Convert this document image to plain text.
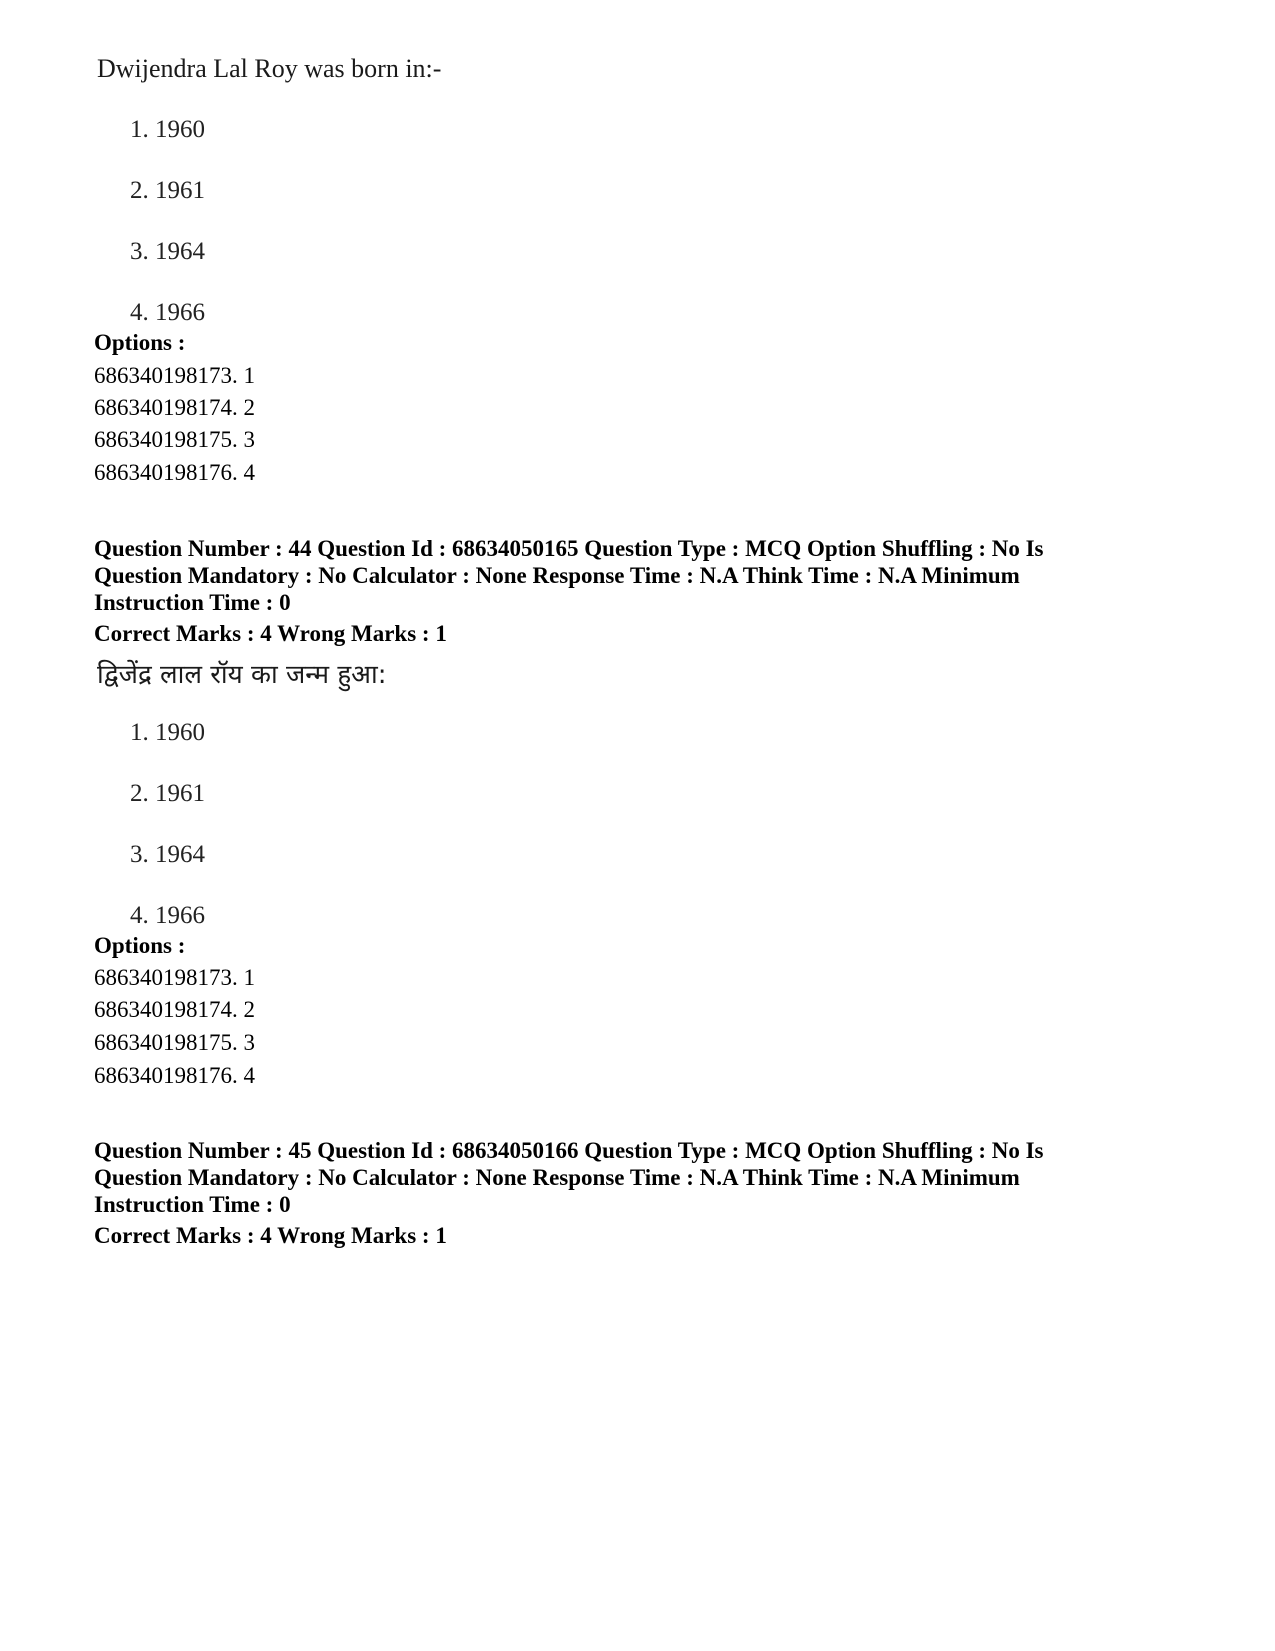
Dwijendra Lal Roy was born in:-
1. 1960
2. 1961
3. 1964
4. 1966
Options :
686340198173. 1
686340198174. 2
686340198175. 3
686340198176. 4
Question Number : 44 Question Id : 68634050165 Question Type : MCQ Option Shuffling : No Is
Question Mandatory : No Calculator : None Response Time : N.A Think Time : N.A Minimum
Instruction Time : 0
Correct Marks : 4 Wrong Marks : 1
द्विजेंद्र लाल रॉय का जन्म हुआ:
1. 1960
2. 1961
3. 1964
4. 1966
Options :
686340198173. 1
686340198174. 2
686340198175. 3
686340198176. 4
Question Number : 45 Question Id : 68634050166 Question Type : MCQ Option Shuffling : No Is
Question Mandatory : No Calculator : None Response Time : N.A Think Time : N.A Minimum
Instruction Time : 0
Correct Marks : 4 Wrong Marks : 1
